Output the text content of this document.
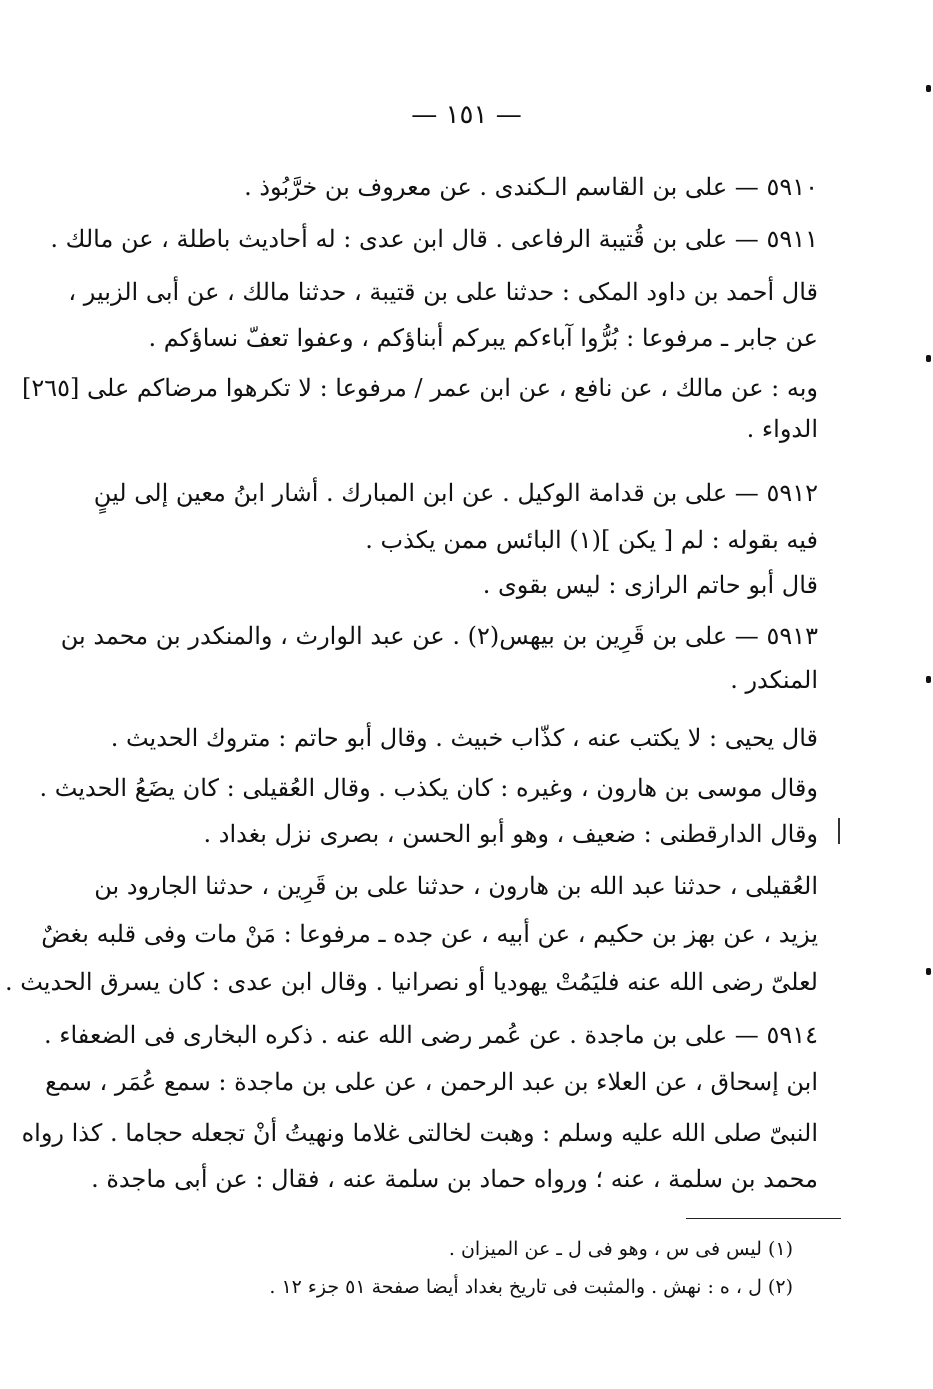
— ١٥١ —
٥٩١٠ — على بن القاسم الـكندى . عن معروف بن خرَّبُوذ .
٥٩١١ — على بن قُتيبة الرفاعى . قال ابن عدى : له أحاديث باطلة ، عن مالك .
قال أحمد بن داود المكى : حدثنا على بن قتيبة ، حدثنا مالك ، عن أبى الزبير ،
عن جابر ـ مرفوعا : بُرُّوا آباءكم يبركم أبناؤكم ، وعفوا تعفّ نساؤكم .
وبه : عن مالك ، عن نافع ، عن ابن عمر / مرفوعا : لا تكرهوا مرضاكم على [٢٦٥]
الدواء .
٥٩١٢ — على بن قدامة الوكيل . عن ابن المبارك . أشار ابنُ معين إلى لينٍ
فيه بقوله : لم [ يكن ](١) البائس ممن يكذب .
قال أبو حاتم الرازى : ليس بقوى .
٥٩١٣ — على بن قَرِين بن بيهس(٢) . عن عبد الوارث ، والمنكدر بن محمد بن
المنكدر .
قال يحيى : لا يكتب عنه ، كذّاب خبيث . وقال أبو حاتم : متروك الحديث .
وقال موسى بن هارون ، وغيره : كان يكذب . وقال العُقيلى : كان يضَعُ الحديث .
وقال الدارقطنى : ضعيف ، وهو أبو الحسن ، بصرى نزل بغداد .
العُقيلى ، حدثنا عبد الله بن هارون ، حدثنا على بن قَرِين ، حدثنا الجارود بن
يزيد ، عن بهز بن حكيم ، عن أبيه ، عن جده ـ مرفوعا : مَنْ مات وفى قلبه بغضٌ
لعلىّ رضى الله عنه فليَمُتْ يهوديا أو نصرانيا . وقال ابن عدى : كان يسرق الحديث .
٥٩١٤ — على بن ماجدة . عن عُمر رضى الله عنه . ذكره البخارى فى الضعفاء .
ابن إسحاق ، عن العلاء بن عبد الرحمن ، عن على بن ماجدة : سمع عُمَر ، سمع
النبىّ صلى الله عليه وسلم : وهبت لخالتى غلاما ونهيتُ أنْ تجعله حجاما . كذا رواه
محمد بن سلمة ، عنه ؛ ورواه حماد بن سلمة عنه ، فقال : عن أبى ماجدة .
(١) ليس فى س ، وهو فى ل ـ عن الميزان .
(٢) ل ، ه : نهش . والمثبت فى تاريخ بغداد أيضا صفحة ٥١ جزء ١٢ .
